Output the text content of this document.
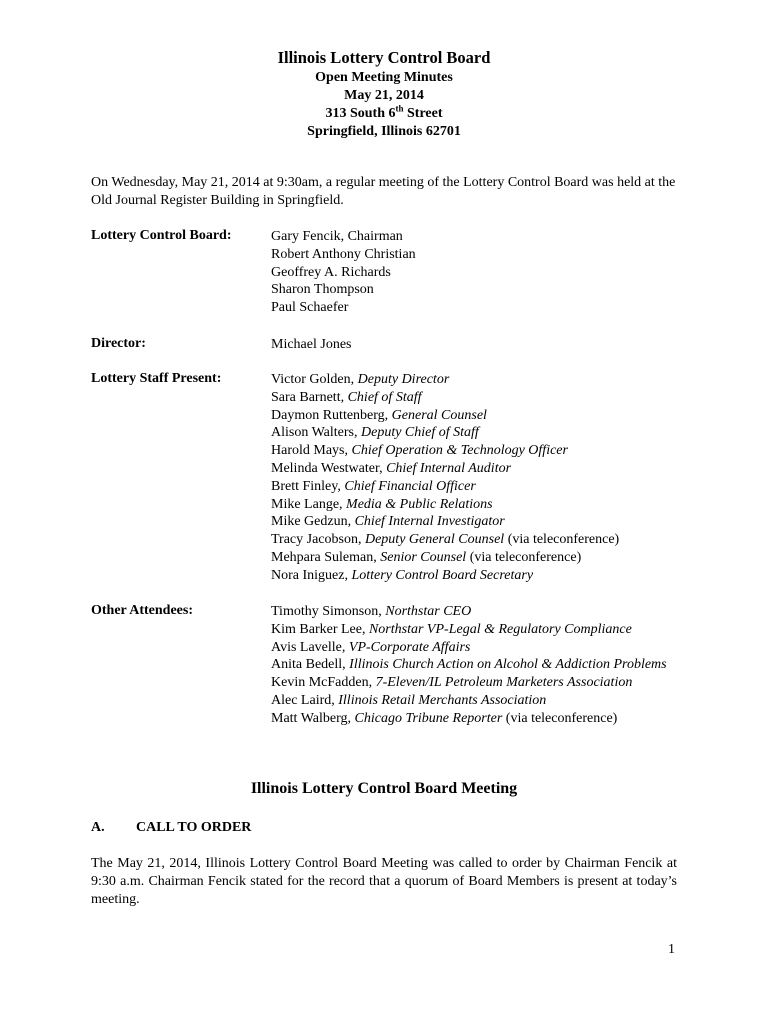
Illinois Lottery Control Board
Open Meeting Minutes
May 21, 2014
313 South 6th Street
Springfield, Illinois 62701
On Wednesday, May 21, 2014 at 9:30am, a regular meeting of the Lottery Control Board was held at the Old Journal Register Building in Springfield.
Lottery Control Board:	Gary Fencik, Chairman
Robert Anthony Christian
Geoffrey A. Richards
Sharon Thompson
Paul Schaefer
Director:	Michael Jones
Lottery Staff Present:	Victor Golden, Deputy Director
Sara Barnett, Chief of Staff
Daymon Ruttenberg, General Counsel
Alison Walters, Deputy Chief of Staff
Harold Mays, Chief Operation & Technology Officer
Melinda Westwater, Chief Internal Auditor
Brett Finley, Chief Financial Officer
Mike Lange, Media & Public Relations
Mike Gedzun, Chief Internal Investigator
Tracy Jacobson, Deputy General Counsel (via teleconference)
Mehpara Suleman, Senior Counsel (via teleconference)
Nora Iniguez, Lottery Control Board Secretary
Other Attendees:	Timothy Simonson, Northstar CEO
Kim Barker Lee, Northstar VP-Legal & Regulatory Compliance
Avis Lavelle, VP-Corporate Affairs
Anita Bedell, Illinois Church Action on Alcohol & Addiction Problems
Kevin McFadden, 7-Eleven/IL Petroleum Marketers Association
Alec Laird, Illinois Retail Merchants Association
Matt Walberg, Chicago Tribune Reporter (via teleconference)
Illinois Lottery Control Board Meeting
A. CALL TO ORDER
The May 21, 2014, Illinois Lottery Control Board Meeting was called to order by Chairman Fencik at 9:30 a.m. Chairman Fencik stated for the record that a quorum of Board Members is present at today’s meeting.
1
